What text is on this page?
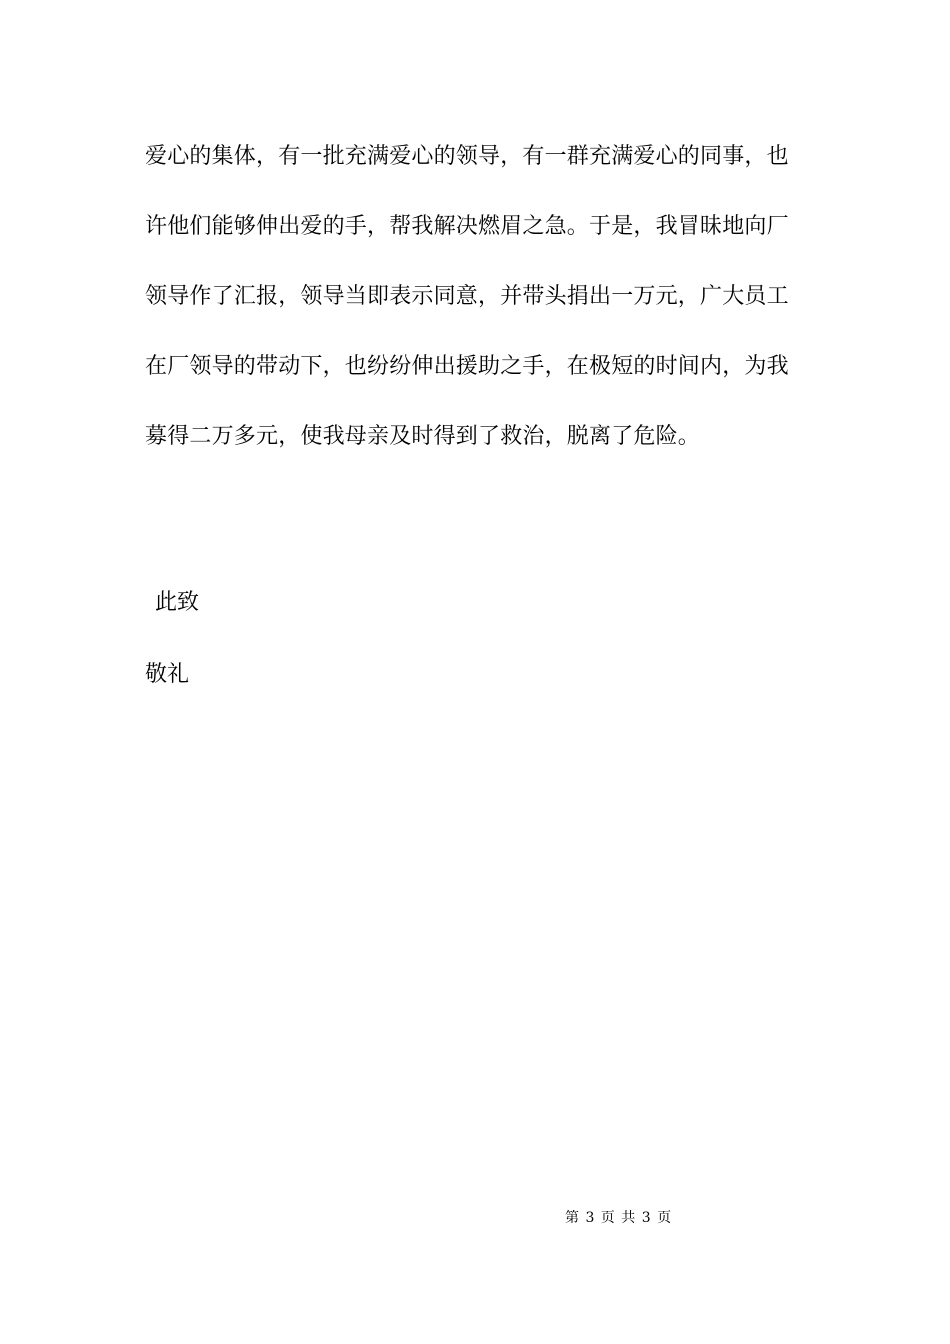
爱心的集体，有一批充满爱心的领导，有一群充满爱心的同事，也
许他们能够伸出爱的手，帮我解决燃眉之急。于是，我冒昧地向厂
领导作了汇报，领导当即表示同意，并带头捐出一万元，广大员工
在厂领导的带动下，也纷纷伸出援助之手，在极短的时间内，为我
募得二万多元，使我母亲及时得到了救治，脱离了危险。
此致
敬礼
第 3 页 共 3 页
